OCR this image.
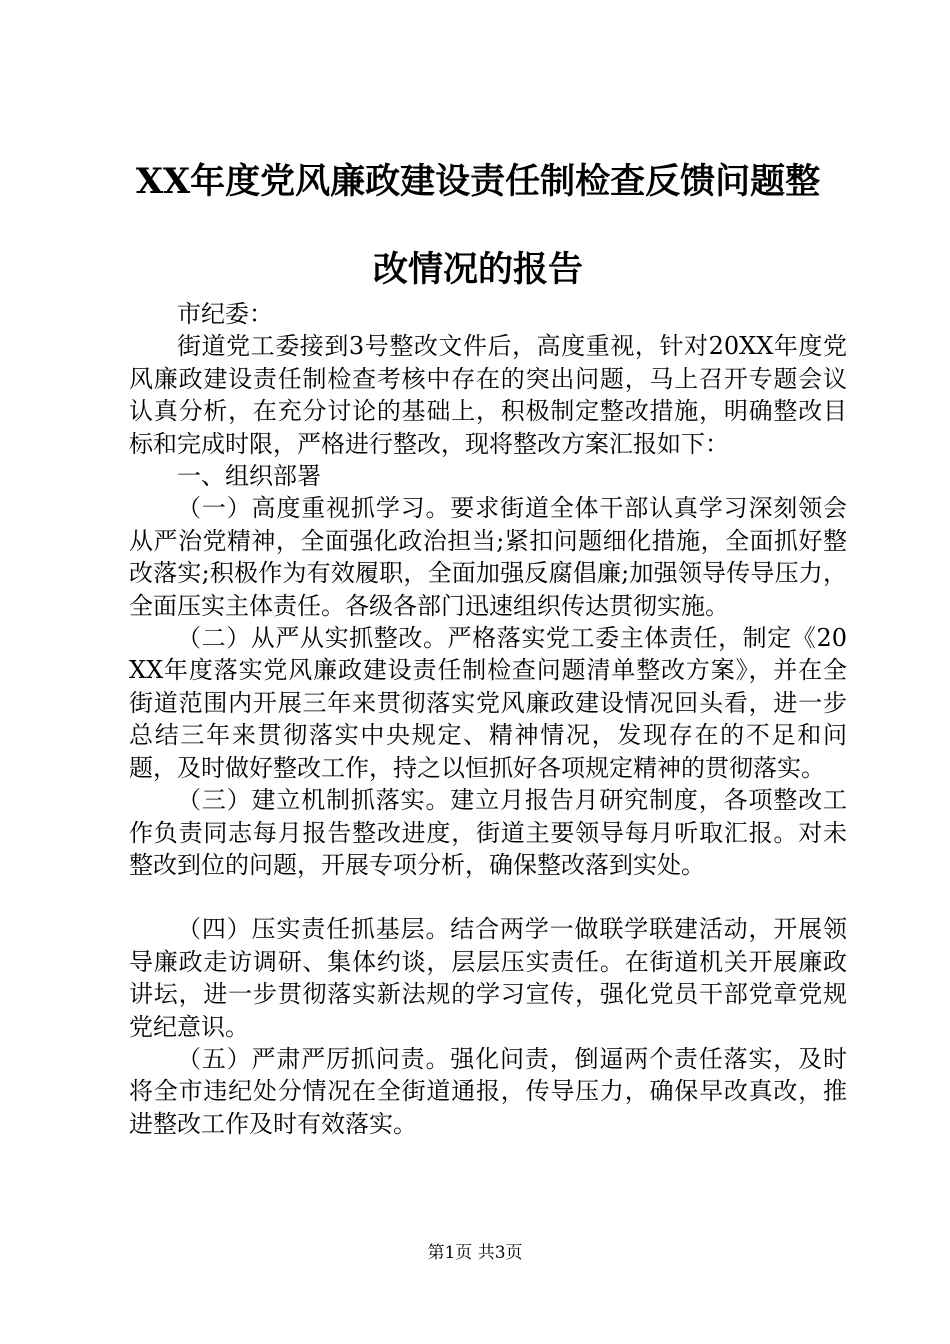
XX年度党风廉政建设责任制检查反馈问题整
改情况的报告

市纪委：

街道党工委接到3号整改文件后，高度重视，针对20XX年度党风廉政建设责任制检查考核中存在的突出问题，马上召开专题会议认真分析，在充分讨论的基础上，积极制定整改措施，明确整改目标和完成时限，严格进行整改，现将整改方案汇报如下：

一、组织部署

（一）高度重视抓学习。要求街道全体干部认真学习深刻领会从严治党精神，全面强化政治担当;紧扣问题细化措施，全面抓好整改落实;积极作为有效履职，全面加强反腐倡廉;加强领导传导压力，全面压实主体责任。各级各部门迅速组织传达贯彻实施。

（二）从严从实抓整改。严格落实党工委主体责任，制定《20XX年度落实党风廉政建设责任制检查问题清单整改方案》，并在全街道范围内开展三年来贯彻落实党风廉政建设情况回头看，进一步总结三年来贯彻落实中央规定、精神情况，发现存在的不足和问题，及时做好整改工作，持之以恒抓好各项规定精神的贯彻落实。

（三）建立机制抓落实。建立月报告月研究制度，各项整改工作负责同志每月报告整改进度，街道主要领导每月听取汇报。对未整改到位的问题，开展专项分析，确保整改落到实处。

（四）压实责任抓基层。结合两学一做联学联建活动，开展领导廉政走访调研、集体约谈，层层压实责任。在街道机关开展廉政讲坛，进一步贯彻落实新法规的学习宣传，强化党员干部党章党规党纪意识。

（五）严肃严厉抓问责。强化问责，倒逼两个责任落实，及时将全市违纪处分情况在全街道通报，传导压力，确保早改真改，推进整改工作及时有效落实。

第1页 共3页
